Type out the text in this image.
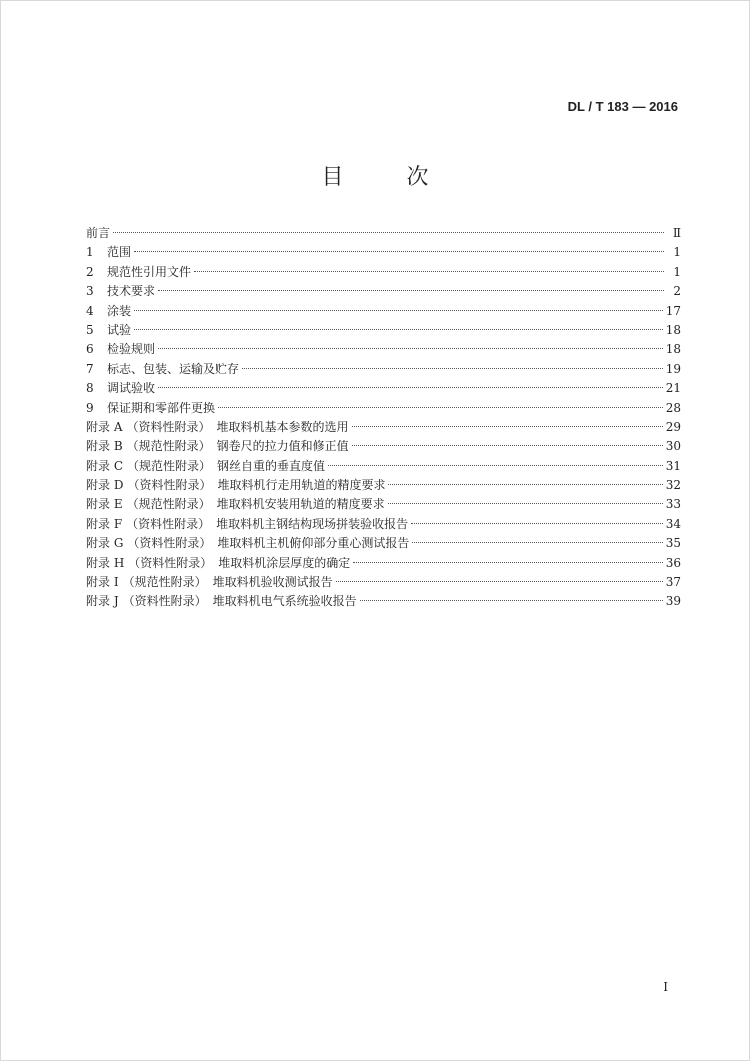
DL / T 183 — 2016
目 次
前言	Ⅱ
1	范围	1
2	规范性引用文件	1
3	技术要求	2
4	涂装	17
5	试验	18
6	检验规则	18
7	标志、包装、运输及贮存	19
8	调试验收	21
9	保证期和零部件更换	28
附录 A （资料性附录） 堆取料机基本参数的选用	29
附录 B （规范性附录） 钢卷尺的拉力值和修正值	30
附录 C （规范性附录） 钢丝自重的垂直度值	31
附录 D （资料性附录） 堆取料机行走用轨道的精度要求	32
附录 E （规范性附录） 堆取料机安装用轨道的精度要求	33
附录 F （资料性附录） 堆取料机主钢结构现场拼装验收报告	34
附录 G （资料性附录） 堆取料机主机俯仰部分重心测试报告	35
附录 H （资料性附录） 堆取料机涂层厚度的确定	36
附录 I （规范性附录） 堆取料机验收测试报告	37
附录 J （资料性附录） 堆取料机电气系统验收报告	39
I
